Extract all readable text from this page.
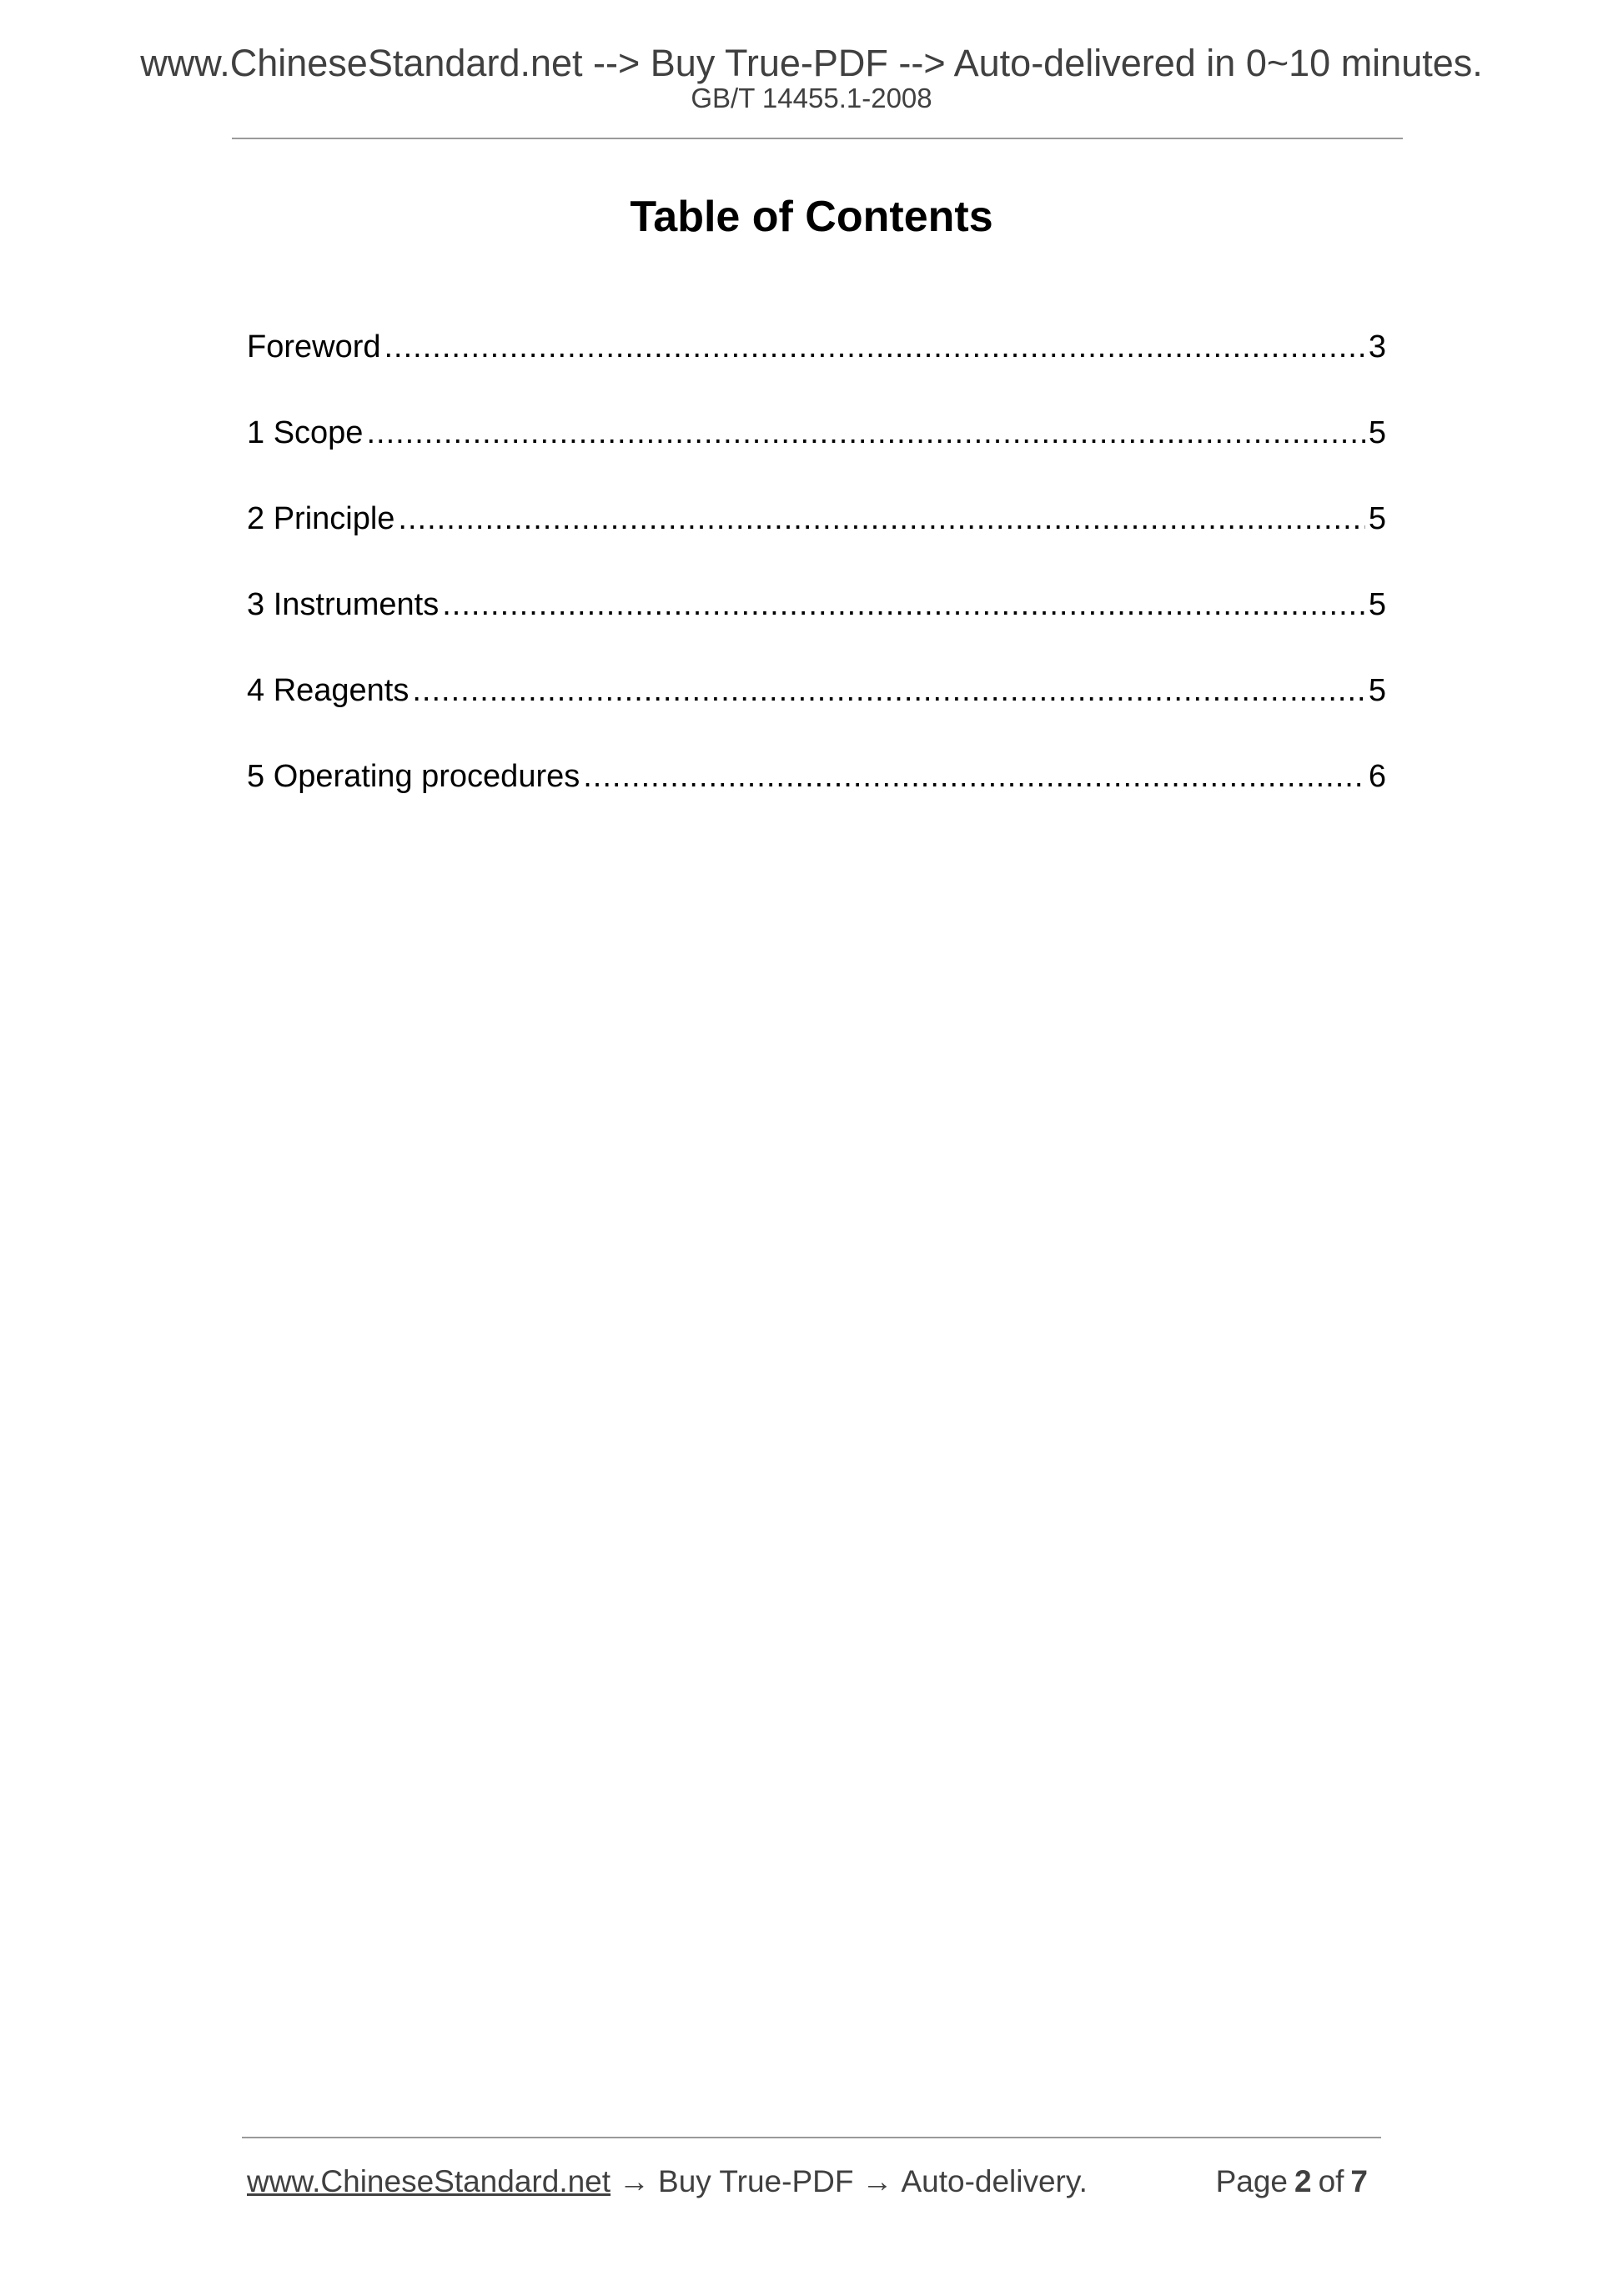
www.ChineseStandard.net --> Buy True-PDF --> Auto-delivered in 0~10 minutes.
GB/T 14455.1-2008
Table of Contents
Foreword .....	3
1 Scope .....	5
2 Principle .....	5
3 Instruments .....	5
4 Reagents .....	5
5 Operating procedures .....	6
www.ChineseStandard.net → Buy True-PDF → Auto-delivery.	Page 2 of 7
